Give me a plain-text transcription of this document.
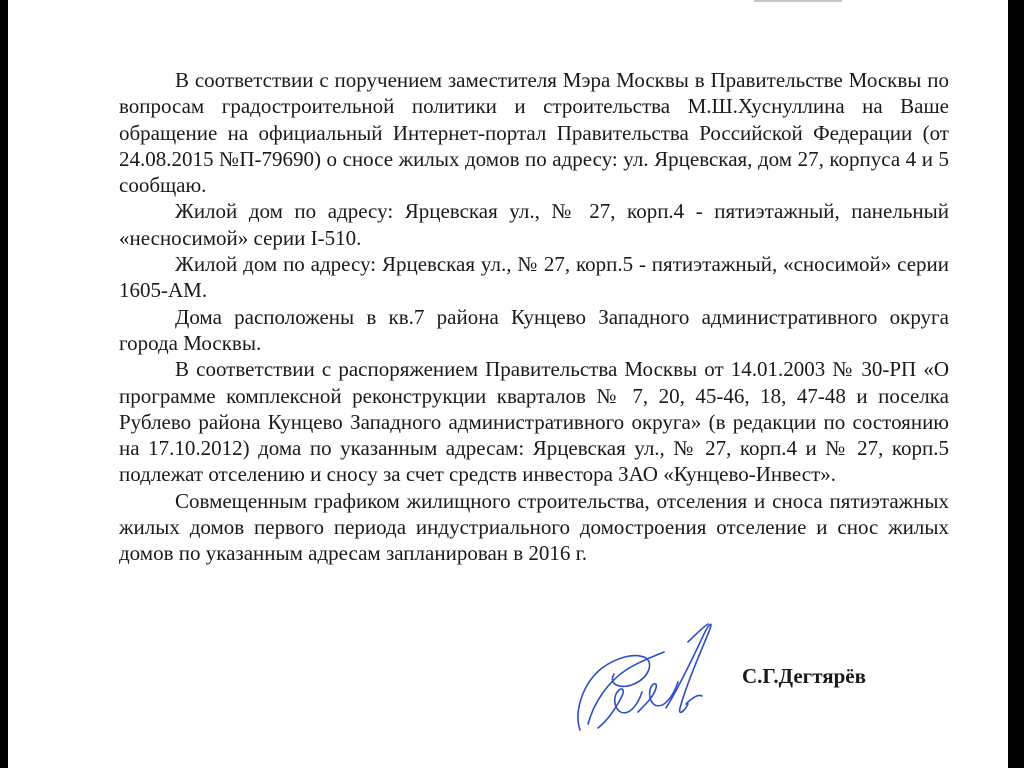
В соответствии с поручением заместителя Мэра Москвы в Правительстве Москвы по вопросам градостроительной политики и строительства М.Ш.Хуснуллина на Ваше обращение на официальный Интернет-портал Правительства Российской Федерации (от 24.08.2015 №П-79690) о сносе жилых домов по адресу: ул. Ярцевская, дом 27, корпуса 4 и 5 сообщаю.

Жилой дом по адресу: Ярцевская ул., № 27, корп.4 - пятиэтажный, панельный «несносимой» серии I-510.

Жилой дом по адресу: Ярцевская ул., № 27, корп.5 - пятиэтажный, «сносимой» серии 1605-АМ.

Дома расположены в кв.7 района Кунцево Западного административного округа города Москвы.

В соответствии с распоряжением Правительства Москвы от 14.01.2003 № 30-РП «О программе комплексной реконструкции кварталов № 7, 20, 45-46, 18, 47-48 и поселка Рублево района Кунцево Западного административного округа» (в редакции по состоянию на 17.10.2012) дома по указанным адресам: Ярцевская ул., № 27, корп.4 и № 27, корп.5 подлежат отселению и сносу за счет средств инвестора ЗАО «Кунцево-Инвест».

Совмещенным графиком жилищного строительства, отселения и сноса пятиэтажных жилых домов первого периода индустриального домостроения отселение и снос жилых домов по указанным адресам запланирован в 2016 г.

С.Г.Дегтярёв
